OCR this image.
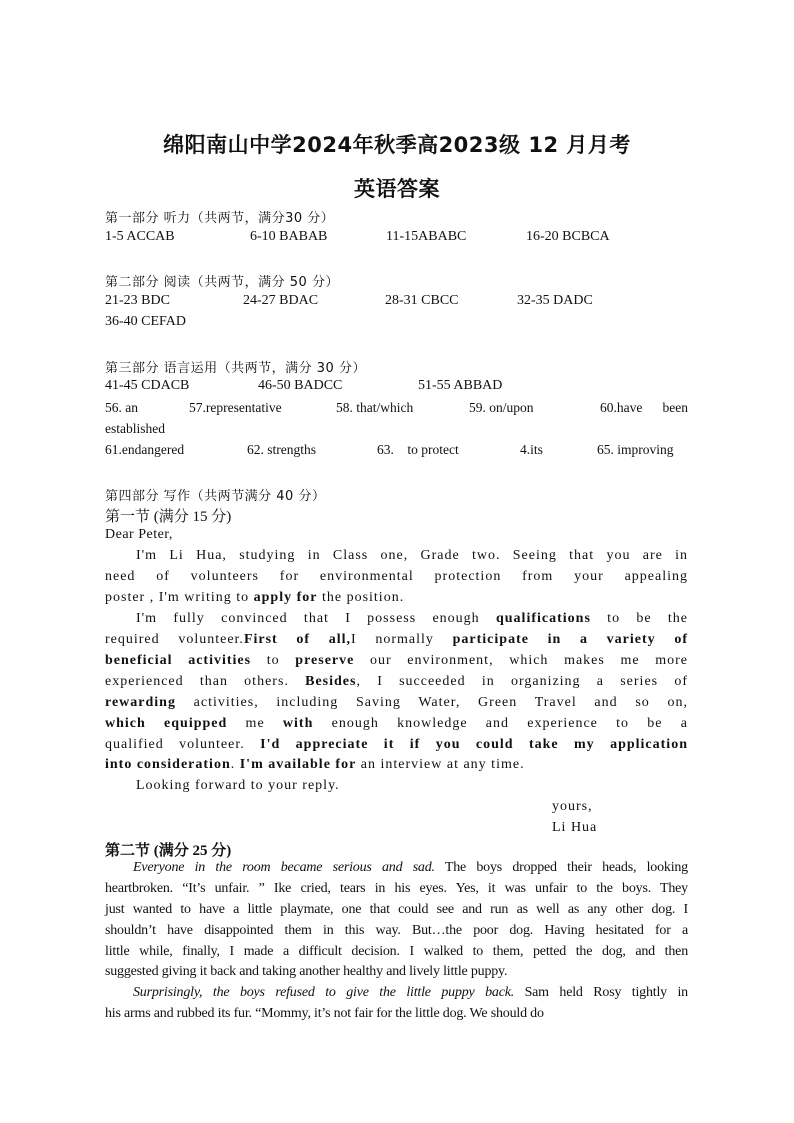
绵阳南山中学2024年秋季高2023级 12 月月考
英语答案
第一部分 听力（共两节，满分30 分）
1-5 ACCAB	6-10 BABAB	11-15ABABC	16-20 BCBCA
第二部分 阅读（共两节，满分 50 分）
21-23 BDC	24-27 BDAC	28-31 CBCC	32-35 DADC
36-40 CEFAD
第三部分 语言运用（共两节，满分 30 分）
41-45 CDACB	46-50 BADCC	51-55 ABBAD
56. an	57.representative	58. that/which	59. on/upon	60.have been
established
61.endangered	62. strengths	63.    to protect	4.its	65. improving
第四部分 写作（共两节满分 40 分）
第一节 (满分 15 分)
Dear Peter,
I'm Li Hua, studying in Class one, Grade two. Seeing that you are in
need of volunteers for environmental protection from your appealing
poster , I'm writing to apply for the position.
I'm fully convinced that I possess enough qualifications to be the
required volunteer.First of all,I normally participate in a variety of
beneficial activities to preserve our environment, which makes me more
experienced than others. Besides, I succeeded in organizing a series of
rewarding activities, including Saving Water, Green Travel and so on,
which equipped me with enough knowledge and experience to be a
qualified volunteer. I'd appreciate it if you could take my application
into consideration. I'm available for an interview at any time.
Looking forward to your reply.
yours,
Li Hua
第二节 (满分 25 分)
Everyone in the room became serious and sad. The boys dropped their heads, looking
heartbroken. “It’s unfair. ” Ike cried, tears in his eyes. Yes, it was unfair to the boys. They
just wanted to have a little playmate, one that could see and run as well as any other dog. I
shouldn’t have disappointed them in this way. But…the poor dog. Having hesitated for a
little while, finally, I made a difficult decision. I walked to them, petted the dog, and then
suggested giving it back and taking another healthy and lively little puppy.
Surprisingly, the boys refused to give the little puppy back. Sam held Rosy tightly in
his arms and rubbed its fur. “Mommy, it’s not fair for the little dog. We should do
